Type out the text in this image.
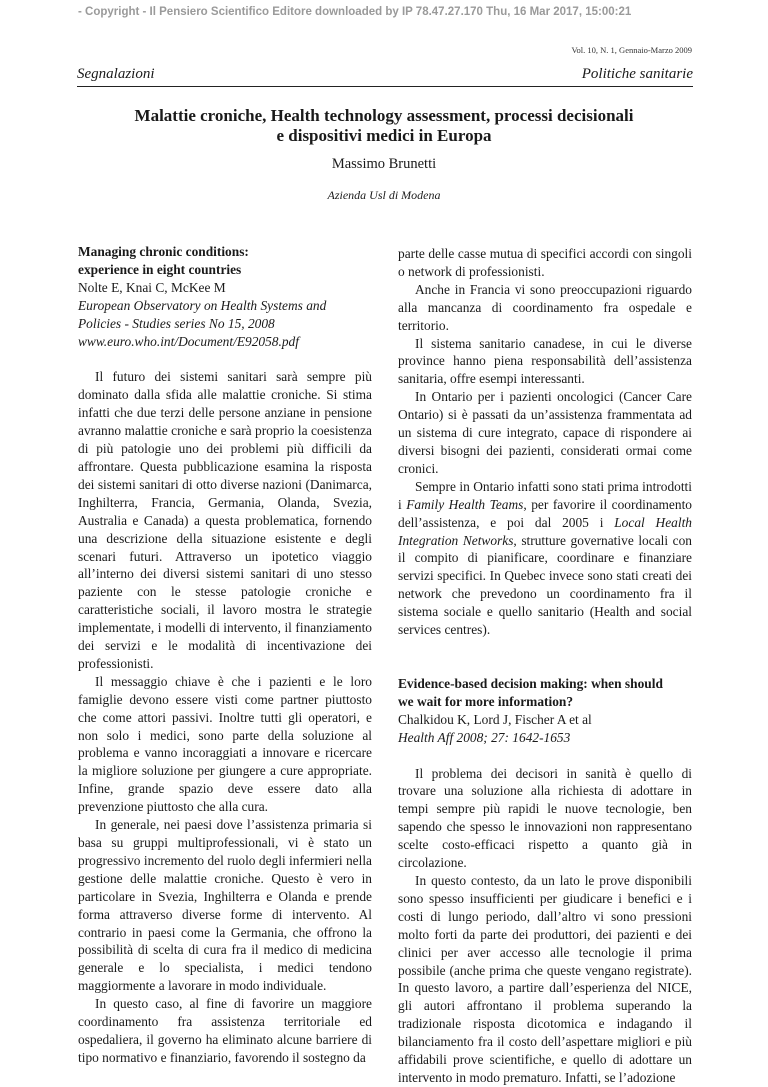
- Copyright - Il Pensiero Scientifico Editore downloaded by IP 78.47.27.170 Thu, 16 Mar 2017, 15:00:21
Vol. 10, N. 1, Gennaio-Marzo 2009
Segnalazioni	Politiche sanitarie
Malattie croniche, Health technology assessment, processi decisionali
e dispositivi medici in Europa
Massimo Brunetti
Azienda Usl di Modena
Managing chronic conditions:
experience in eight countries
Nolte E, Knai C, McKee M
European Observatory on Health Systems and
Policies - Studies series No 15, 2008
www.euro.who.int/Document/E92058.pdf

Il futuro dei sistemi sanitari sarà sempre più dominato dalla sfida alle malattie croniche. Si stima infatti che due terzi delle persone anziane in pensione avranno malattie croniche e sarà proprio la coesistenza di più patologie uno dei problemi più difficili da affrontare. Questa pubblicazione esamina la risposta dei sistemi sanitari di otto diverse nazioni (Danimarca, Inghilterra, Francia, Germania, Olanda, Svezia, Australia e Canada) a questa problematica, fornendo una descrizione della situazione esistente e degli scenari futuri. Attraverso un ipotetico viaggio all’interno dei diversi sistemi sanitari di uno stesso paziente con le stesse patologie croniche e caratteristiche sociali, il lavoro mostra le strategie implementate, i modelli di intervento, il finanziamento dei servizi e le modalità di incentivazione dei professionisti.

Il messaggio chiave è che i pazienti e le loro famiglie devono essere visti come partner piuttosto che come attori passivi. Inoltre tutti gli operatori, e non solo i medici, sono parte della soluzione al problema e vanno incoraggiati a innovare e ricercare la migliore soluzione per giungere a cure appropriate. Infine, grande spazio deve essere dato alla prevenzione piuttosto che alla cura.

In generale, nei paesi dove l’assistenza primaria si basa su gruppi multiprofessionali, vi è stato un progressivo incremento del ruolo degli infermieri nella gestione delle malattie croniche. Questo è vero in particolare in Svezia, Inghilterra e Olanda e prende forma attraverso diverse forme di intervento. Al contrario in paesi come la Germania, che offrono la possibilità di scelta di cura fra il medico di medicina generale e lo specialista, i medici tendono maggiormente a lavorare in modo individuale.

In questo caso, al fine di favorire un maggiore coordinamento fra assistenza territoriale ed ospedaliera, il governo ha eliminato alcune barriere di tipo normativo e finanziario, favorendo il sostegno da

parte delle casse mutua di specifici accordi con singoli o network di professionisti.

Anche in Francia vi sono preoccupazioni riguardo alla mancanza di coordinamento fra ospedale e territorio.

Il sistema sanitario canadese, in cui le diverse province hanno piena responsabilità dell’assistenza sanitaria, offre esempi interessanti.

In Ontario per i pazienti oncologici (Cancer Care Ontario) si è passati da un’assistenza frammentata ad un sistema di cure integrato, capace di rispondere ai diversi bisogni dei pazienti, considerati ormai come cronici.

Sempre in Ontario infatti sono stati prima introdotti i Family Health Teams, per favorire il coordinamento dell’assistenza, e poi dal 2005 i Local Health Integration Networks, strutture governative locali con il compito di pianificare, coordinare e finanziare servizi specifici. In Quebec invece sono stati creati dei network che prevedono un coordinamento fra il sistema sociale e quello sanitario (Health and social services centres).

Evidence-based decision making: when should
we wait for more information?
Chalkidou K, Lord J, Fischer A et al
Health Aff 2008; 27: 1642-1653

Il problema dei decisori in sanità è quello di trovare una soluzione alla richiesta di adottare in tempi sempre più rapidi le nuove tecnologie, ben sapendo che spesso le innovazioni non rappresentano scelte costo-efficaci rispetto a quanto già in circolazione.

In questo contesto, da un lato le prove disponibili sono spesso insufficienti per giudicare i benefici e i costi di lungo periodo, dall’altro vi sono pressioni molto forti da parte dei produttori, dei pazienti e dei clinici per aver accesso alle tecnologie il prima possibile (anche prima che queste vengano registrate). In questo lavoro, a partire dall’esperienza del NICE, gli autori affrontano il problema superando la tradizionale risposta dicotomica e indagando il bilanciamento fra il costo dell’aspettare migliori e più affidabili prove scientifiche, e quello di adottare un intervento in modo prematuro. Infatti, se l’adozione
